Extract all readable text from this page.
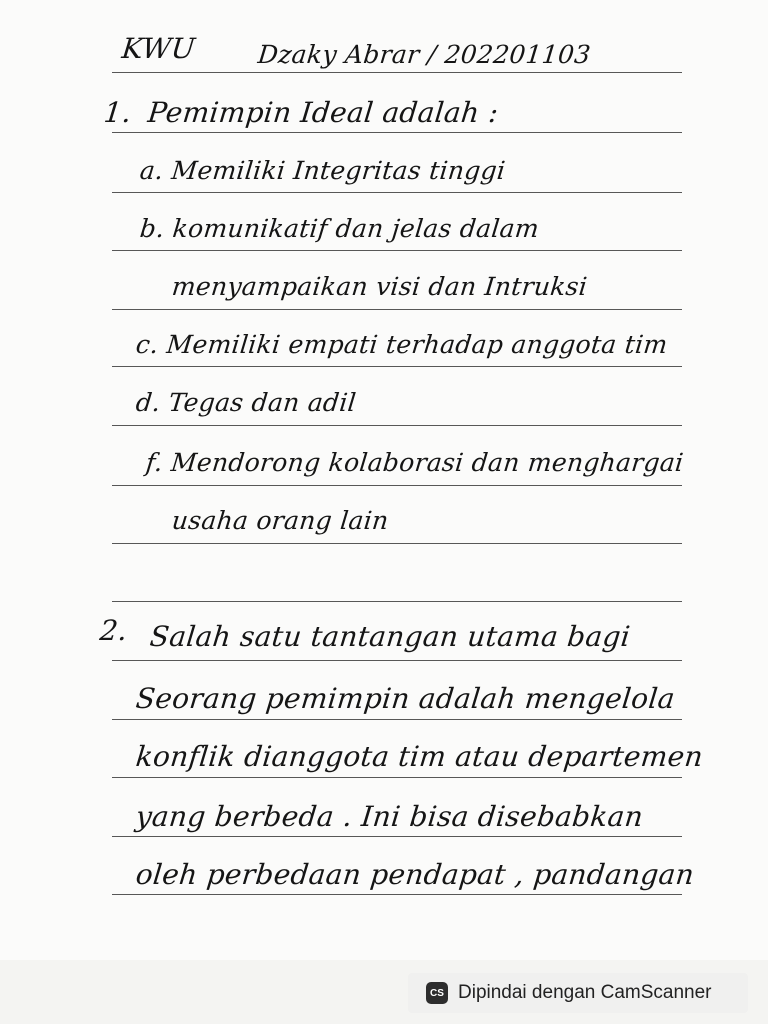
KWU Dzaky Abrar / 202201103
1. Pemimpin Ideal adalah :
a. Memiliki Integritas tinggi
b. komunikatif dan jelas dalam
menyampaikan visi dan Intruksi
c. Memiliki empati terhadap anggota tim
d. Tegas dan adil
f. Mendorong kolaborasi dan menghargai
usaha orang lain
2. Salah satu tantangan utama bagi
Seorang pemimpin adalah mengelola
konflik dianggota tim atau departemen
yang berbeda . Ini bisa disebabkan
oleh perbedaan pendapat , pandangan
CS Dipindai dengan CamScanner
